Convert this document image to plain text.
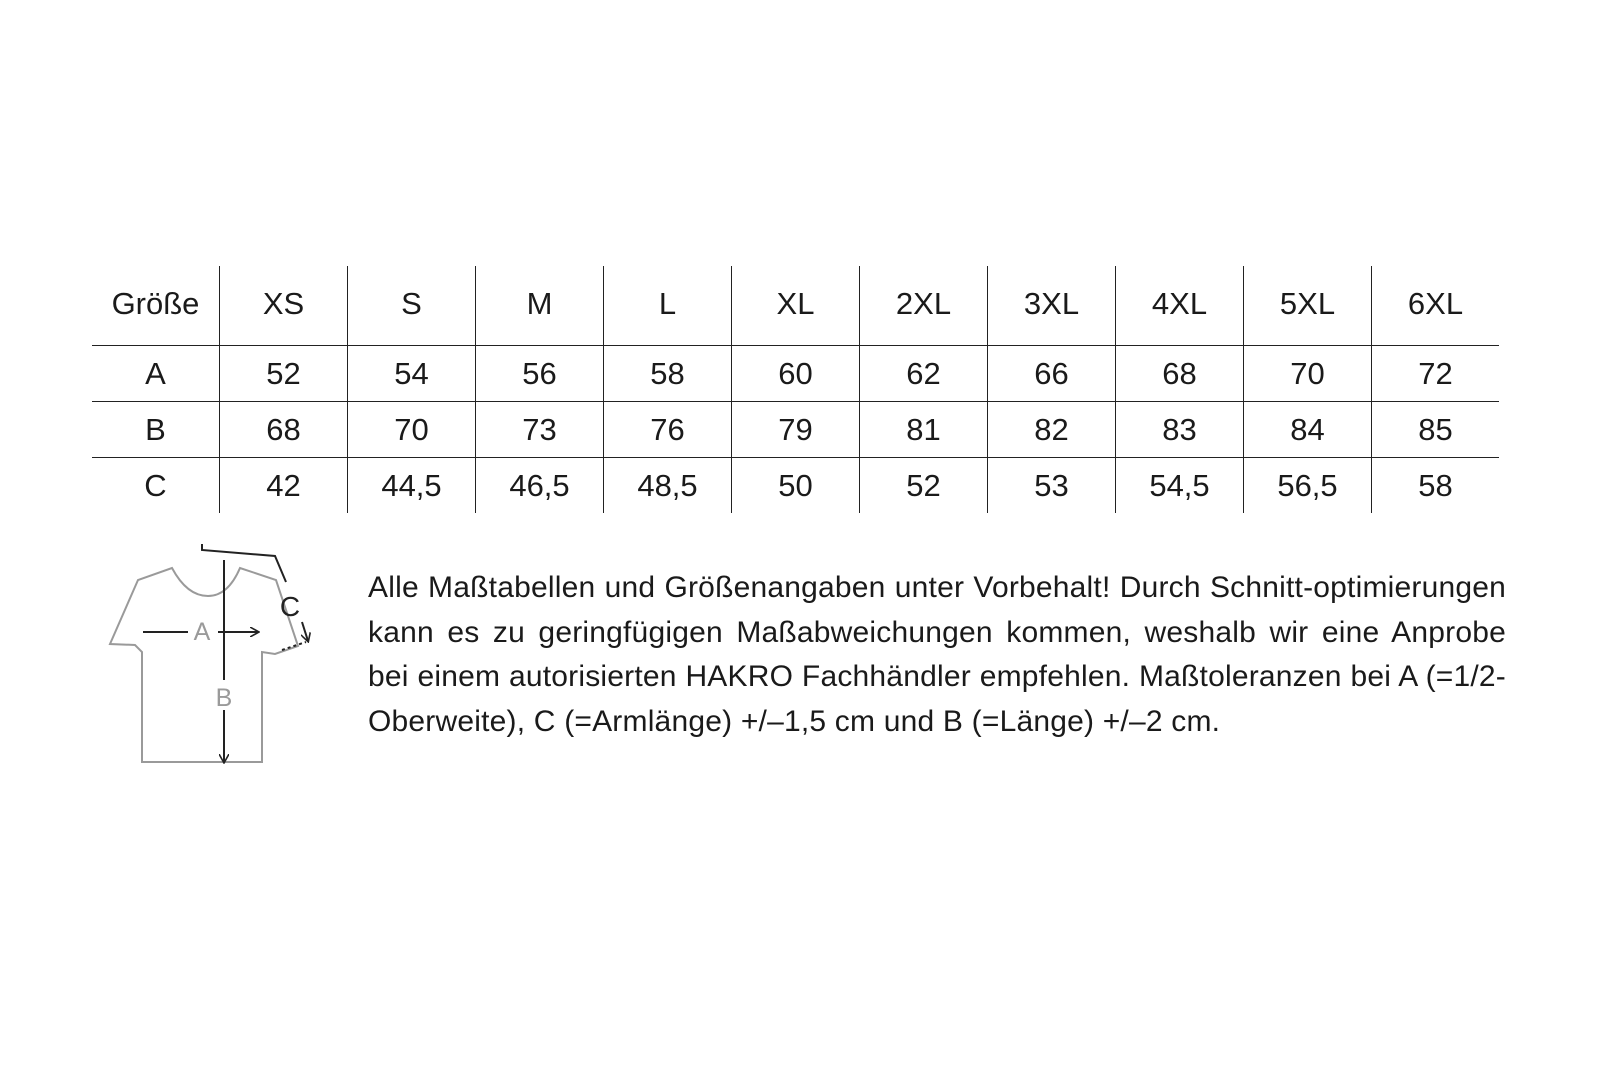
Größe	XS	S	M	L	XL	2XL	3XL	4XL	5XL	6XL
A	52	54	56	58	60	62	66	68	70	72
B	68	70	73	76	79	81	82	83	84	85
C	42	44,5	46,5	48,5	50	52	53	54,5	56,5	58
A
B
C

Alle Maßtabellen und Größenangaben unter Vorbehalt! Durch Schnitt-optimierungen kann es zu geringfügigen Maßabweichungen kommen, weshalb wir eine Anprobe bei einem autorisierten HAKRO Fachhändler empfehlen. Maßtoleranzen bei A (=1/2-Oberweite), C (=Armlänge) +/–1,5 cm und B (=Länge) +/–2 cm.
